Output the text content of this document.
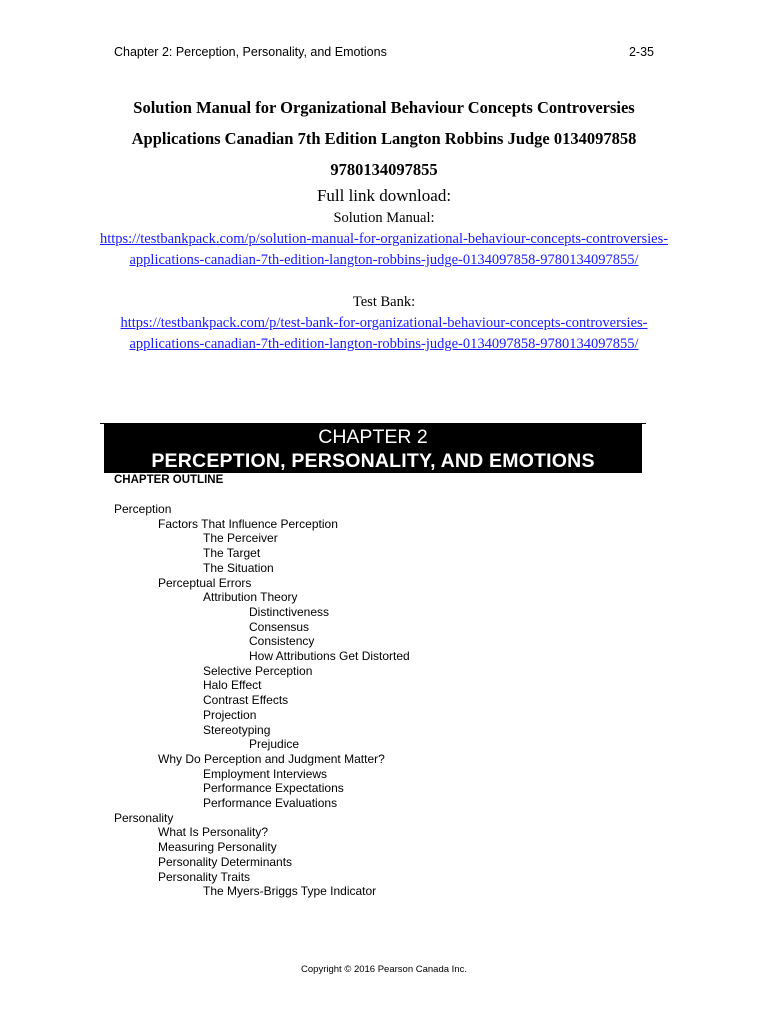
Chapter 2: Perception, Personality, and Emotions	2-35
Solution Manual for Organizational Behaviour Concepts Controversies
Applications Canadian 7th Edition Langton Robbins Judge 0134097858
9780134097855
Full link download:
Solution Manual:
https://testbankpack.com/p/solution-manual-for-organizational-behaviour-concepts-controversies-
applications-canadian-7th-edition-langton-robbins-judge-0134097858-9780134097855/
Test Bank:
https://testbankpack.com/p/test-bank-for-organizational-behaviour-concepts-controversies-
applications-canadian-7th-edition-langton-robbins-judge-0134097858-9780134097855/
CHAPTER 2
PERCEPTION, PERSONALITY, AND EMOTIONS
CHAPTER OUTLINE
Perception
Factors That Influence Perception
The Perceiver
The Target
The Situation
Perceptual Errors
Attribution Theory
Distinctiveness
Consensus
Consistency
How Attributions Get Distorted
Selective Perception
Halo Effect
Contrast Effects
Projection
Stereotyping
Prejudice
Why Do Perception and Judgment Matter?
Employment Interviews
Performance Expectations
Performance Evaluations
Personality
What Is Personality?
Measuring Personality
Personality Determinants
Personality Traits
The Myers-Briggs Type Indicator
Copyright © 2016 Pearson Canada Inc.
